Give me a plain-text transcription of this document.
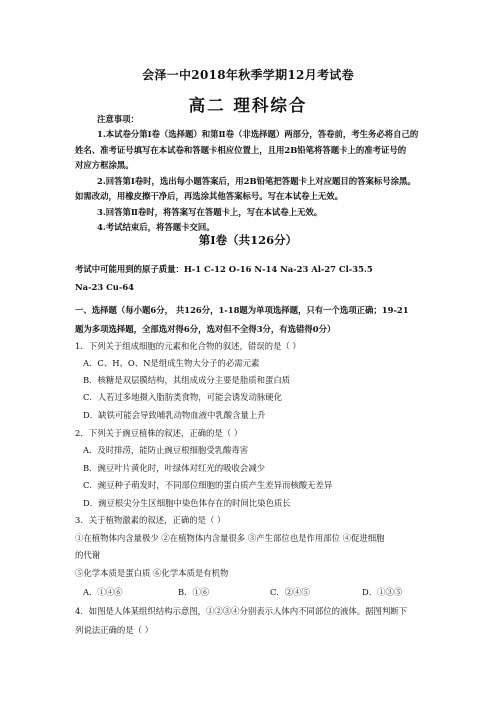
会泽一中2018年秋季学期12月考试卷
高二 理科综合
注意事项：
1.本试卷分第Ⅰ卷（选择题）和第Ⅱ卷（非选择题）两部分，答卷前，考生务必将自己的
姓名、准考证号填写在本试卷和答题卡相应位置上，且用2B铅笔将答题卡上的准考证号的
对应方框涂黑。
2.回答第Ⅰ卷时，选出每小题答案后，用2B铅笔把答题卡上对应题目的答案标号涂黑。
如需改动，用橡皮擦干净后，再选涂其他答案标号。写在本试卷上无效。
3.回答第Ⅱ卷时，将答案写在答题卡上，写在本试卷上无效。
4.考试结束后，将答题卡交回。
第Ⅰ卷（共126分）
考试中可能用到的原子质量：H-1 C-12 O-16 N-14 Na-23 Al-27 Cl-35.5
Na-23 Cu-64
一、选择题（每小题6分， 共126分，1-18题为单项选择题，只有一个选项正确；19-21
题为多项选择题，全部选对得6分，选对但不全得3分，有选错得0分）
1．下列关于组成细胞的元素和化合物的叙述，错误的是（ ）
A．C、H、O、N是组成生物大分子的必需元素
B．核糖是双层膜结构，其组成成分主要是脂质和蛋白质
C．人若过多地摄入脂肪类食物，可能会诱发动脉硬化
D．缺铁可能会导致哺乳动物血液中乳酸含量上升
2．下列关于豌豆植株的叙述，正确的是（ ）
A．及时排涝，能防止豌豆根细胞受乳酸毒害
B．豌豆叶片黄化时，叶绿体对红光的吸收会减少
C．豌豆种子萌发时，不同部位细胞的蛋白质产生差异而核酸无差异
D．豌豆根尖分生区细胞中染色体存在的时间比染色质长
3．关于植物激素的叙述，正确的是（ ）
①在植物体内含量极少 ②在植物体内含量很多 ③产生部位也是作用部位 ④促进细胞
的代谢
⑤化学本质是蛋白质 ⑥化学本质是有机物
A．①④⑥	B．①⑥	C．②④⑤	D．①③⑤
4．如图是人体某组织结构示意图，①②③④分别表示人体内不同部位的液体。据图判断下
列说法正确的是（ ）
